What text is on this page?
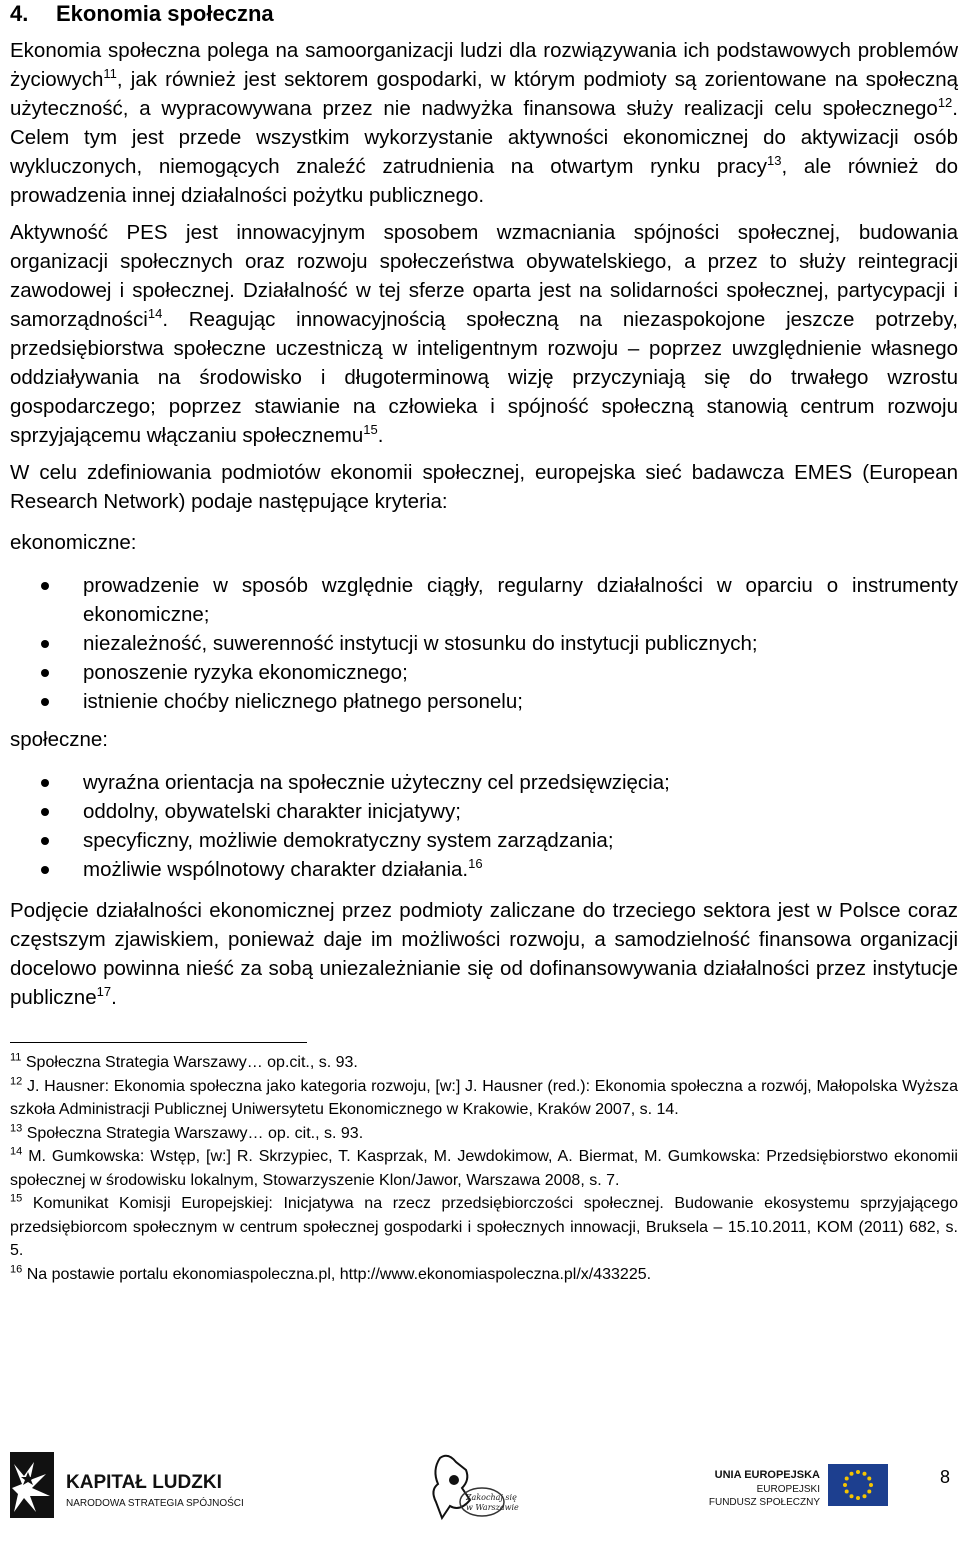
4. Ekonomia społeczna

Ekonomia społeczna polega na samoorganizacji ludzi dla rozwiązywania ich podstawowych problemów życiowych$^{11}$, jak również jest sektorem gospodarki, w którym podmioty są zorientowane na społeczną użyteczność, a wypracowywana przez nie nadwyżka finansowa służy realizacji celu społecznego$^{12}$. Celem tym jest przede wszystkim wykorzystanie aktywności ekonomicznej do aktywizacji osób wykluczonych, niemogących znaleźć zatrudnienia na otwartym rynku pracy$^{13}$, ale również do prowadzenia innej działalności pożytku publicznego.

Aktywność PES jest innowacyjnym sposobem wzmacniania spójności społecznej, budowania organizacji społecznych oraz rozwoju społeczeństwa obywatelskiego, a przez to służy reintegracji zawodowej i społecznej. Działalność w tej sferze oparta jest na solidarności społecznej, partycypacji i samorządności$^{14}$. Reagując innowacyjnością społeczną na niezaspokojone jeszcze potrzeby, przedsiębiorstwa społeczne uczestniczą w inteligentnym rozwoju – poprzez uwzględnienie własnego oddziaływania na środowisko i długoterminową wizję przyczyniają się do trwałego wzrostu gospodarczego; poprzez stawianie na człowieka i spójność społeczną stanowią centrum rozwoju sprzyjającemu włączaniu społecznemu$^{15}$.

W celu zdefiniowania podmiotów ekonomii społecznej, europejska sieć badawcza EMES (European Research Network) podaje następujące kryteria:

ekonomiczne:

prowadzenie w sposób względnie ciągły, regularny działalności w oparciu o instrumenty ekonomiczne;
niezależność, suwerenność instytucji w stosunku do instytucji publicznych;
ponoszenie ryzyka ekonomicznego;
istnienie choćby nielicznego płatnego personelu;

społeczne:

wyraźna orientacja na społecznie użyteczny cel przedsięwzięcia;
oddolny, obywatelski charakter inicjatywy;
specyficzny, możliwie demokratyczny system zarządzania;
możliwie wspólnotowy charakter działania.$^{16}$

Podjęcie działalności ekonomicznej przez podmioty zaliczane do trzeciego sektora jest w Polsce coraz częstszym zjawiskiem, ponieważ daje im możliwości rozwoju, a samodzielność finansowa organizacji docelowo powinna nieść za sobą uniezależnianie się od dofinansowywania działalności przez instytucje publiczne$^{17}$.

$^{11}$ Społeczna Strategia Warszawy… op.cit., s. 93.

$^{12}$ J. Hausner: Ekonomia społeczna jako kategoria rozwoju, [w:] J. Hausner (red.): Ekonomia społeczna a rozwój, Małopolska Wyższa szkoła Administracji Publicznej Uniwersytetu Ekonomicznego w Krakowie, Kraków 2007, s. 14.

$^{13}$ Społeczna Strategia Warszawy… op. cit., s. 93.

$^{14}$ M. Gumkowska: Wstęp, [w:] R. Skrzypiec, T. Kasprzak, M. Jewdokimow, A. Biermat, M. Gumkowska: Przedsiębiorstwo ekonomii społecznej w środowisku lokalnym, Stowarzyszenie Klon/Jawor, Warszawa 2008, s. 7.

$^{15}$ Komunikat Komisji Europejskiej: Inicjatywa na rzecz przedsiębiorczości społecznej. Budowanie ekosystemu sprzyjającego przedsiębiorcom społecznym w centrum społecznej gospodarki i społecznych innowacji, Bruksela – 15.10.2011, KOM (2011) 682, s. 5.

$^{16}$ Na postawie portalu ekonomiaspoleczna.pl, http://www.ekonomiaspoleczna.pl/x/433225.

KAPITAŁ LUDZKI
NARODOWA STRATEGIA SPÓJNOŚCI
Zakochaj się
w Warszawie
UNIA EUROPEJSKA
EUROPEJSKI
FUNDUSZ SPOŁECZNY
8
